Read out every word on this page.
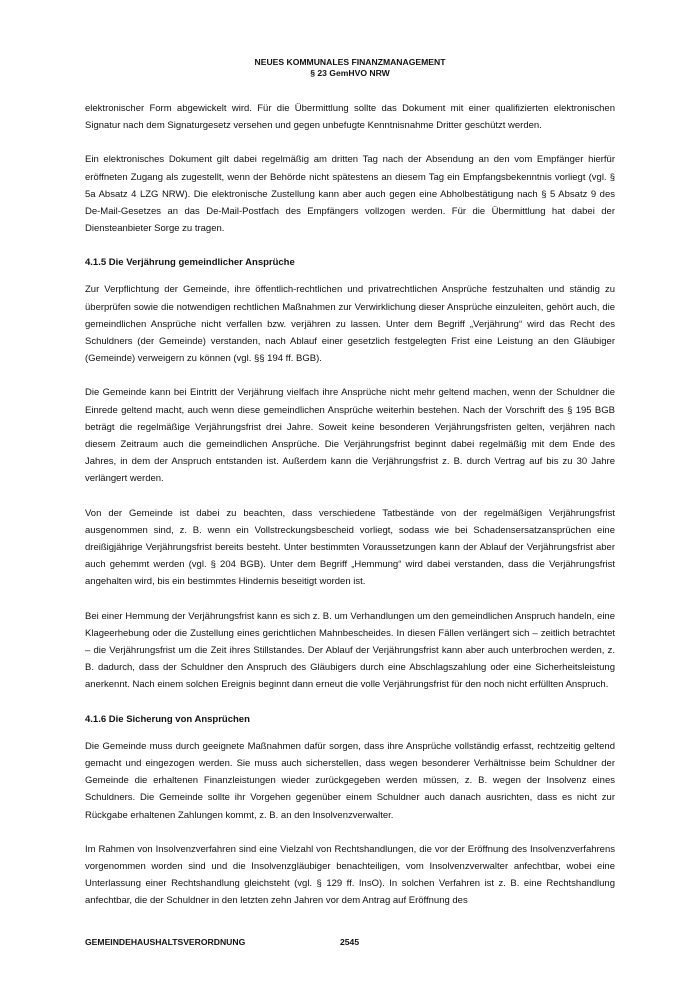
NEUES KOMMUNALES FINANZMANAGEMENT
§ 23 GemHVO NRW

elektronischer Form abgewickelt wird. Für die Übermittlung sollte das Dokument mit einer qualifizierten elektronischen Signatur nach dem Signaturgesetz versehen und gegen unbefugte Kenntnisnahme Dritter geschützt werden.

Ein elektronisches Dokument gilt dabei regelmäßig am dritten Tag nach der Absendung an den vom Empfänger hierfür eröffneten Zugang als zugestellt, wenn der Behörde nicht spätestens an diesem Tag ein Empfangsbekenntnis vorliegt (vgl. § 5a Absatz 4 LZG NRW). Die elektronische Zustellung kann aber auch gegen eine Abholbestätigung nach § 5 Absatz 9 des De-Mail-Gesetzes an das De-Mail-Postfach des Empfängers vollzogen werden. Für die Übermittlung hat dabei der Diensteanbieter Sorge zu tragen.

4.1.5 Die Verjährung gemeindlicher Ansprüche

Zur Verpflichtung der Gemeinde, ihre öffentlich-rechtlichen und privatrechtlichen Ansprüche festzuhalten und ständig zu überprüfen sowie die notwendigen rechtlichen Maßnahmen zur Verwirklichung dieser Ansprüche einzuleiten, gehört auch, die gemeindlichen Ansprüche nicht verfallen bzw. verjähren zu lassen. Unter dem Begriff „Verjährung“ wird das Recht des Schuldners (der Gemeinde) verstanden, nach Ablauf einer gesetzlich festgelegten Frist eine Leistung an den Gläubiger (Gemeinde) verweigern zu können (vgl. §§ 194 ff. BGB).

Die Gemeinde kann bei Eintritt der Verjährung vielfach ihre Ansprüche nicht mehr geltend machen, wenn der Schuldner die Einrede geltend macht, auch wenn diese gemeindlichen Ansprüche weiterhin bestehen. Nach der Vorschrift des § 195 BGB beträgt die regelmäßige Verjährungsfrist drei Jahre. Soweit keine besonderen Verjährungsfristen gelten, verjähren nach diesem Zeitraum auch die gemeindlichen Ansprüche. Die Verjährungsfrist beginnt dabei regelmäßig mit dem Ende des Jahres, in dem der Anspruch entstanden ist. Außerdem kann die Verjährungsfrist z. B. durch Vertrag auf bis zu 30 Jahre verlängert werden.

Von der Gemeinde ist dabei zu beachten, dass verschiedene Tatbestände von der regelmäßigen Verjährungsfrist ausgenommen sind, z. B. wenn ein Vollstreckungsbescheid vorliegt, sodass wie bei Schadensersatzansprüchen eine dreißigjährige Verjährungsfrist bereits besteht. Unter bestimmten Voraussetzungen kann der Ablauf der Verjährungsfrist aber auch gehemmt werden (vgl. § 204 BGB). Unter dem Begriff „Hemmung“ wird dabei verstanden, dass die Verjährungsfrist angehalten wird, bis ein bestimmtes Hindernis beseitigt worden ist.

Bei einer Hemmung der Verjährungsfrist kann es sich z. B. um Verhandlungen um den gemeindlichen Anspruch handeln, eine Klageerhebung oder die Zustellung eines gerichtlichen Mahnbescheides. In diesen Fällen verlängert sich – zeitlich betrachtet – die Verjährungsfrist um die Zeit ihres Stillstandes. Der Ablauf der Verjährungsfrist kann aber auch unterbrochen werden, z. B. dadurch, dass der Schuldner den Anspruch des Gläubigers durch eine Abschlagszahlung oder eine Sicherheitsleistung anerkennt. Nach einem solchen Ereignis beginnt dann erneut die volle Verjährungsfrist für den noch nicht erfüllten Anspruch.

4.1.6 Die Sicherung von Ansprüchen

Die Gemeinde muss durch geeignete Maßnahmen dafür sorgen, dass ihre Ansprüche vollständig erfasst, rechtzeitig geltend gemacht und eingezogen werden. Sie muss auch sicherstellen, dass wegen besonderer Verhältnisse beim Schuldner der Gemeinde die erhaltenen Finanzleistungen wieder zurückgegeben werden müssen, z. B. wegen der Insolvenz eines Schuldners. Die Gemeinde sollte ihr Vorgehen gegenüber einem Schuldner auch danach ausrichten, dass es nicht zur Rückgabe erhaltenen Zahlungen kommt, z. B. an den Insolvenzverwalter.

Im Rahmen von Insolvenzverfahren sind eine Vielzahl von Rechtshandlungen, die vor der Eröffnung des Insolvenzverfahrens vorgenommen worden sind und die Insolvenzgläubiger benachteiligen, vom Insolvenzverwalter anfechtbar, wobei eine Unterlassung einer Rechtshandlung gleichsteht (vgl. § 129 ff. InsO). In solchen Verfahren ist z. B. eine Rechtshandlung anfechtbar, die der Schuldner in den letzten zehn Jahren vor dem Antrag auf Eröffnung des

GEMEINDEHAUSHALTSVERORDNUNG	2545
